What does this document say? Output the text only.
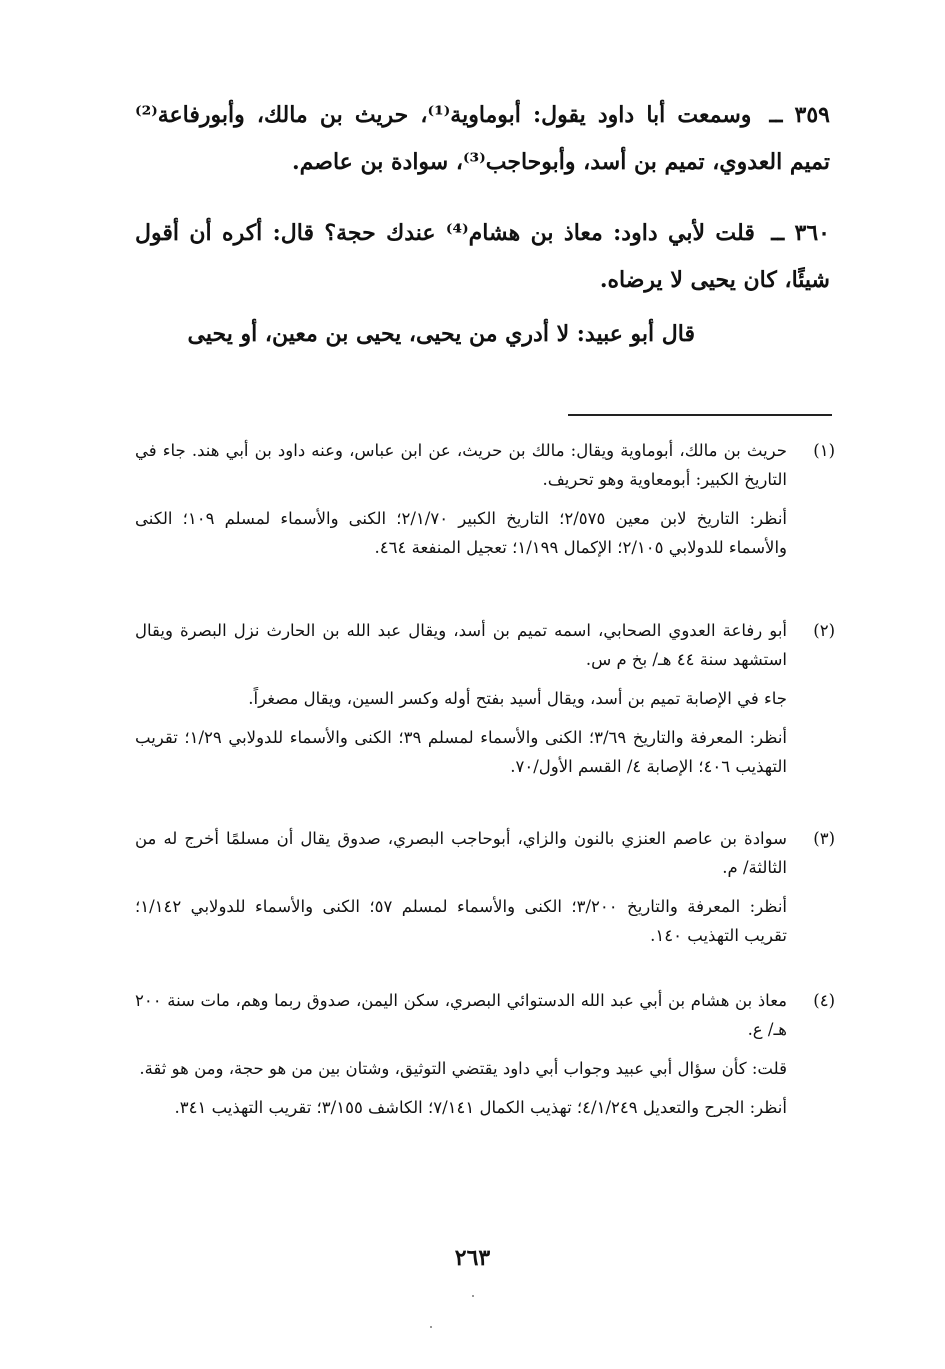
٣٥٩ ــ وسمعت أبا داود يقول: أبوماوية⁽¹⁾، حريث بن مالك، وأبورفاعة⁽²⁾ تميم العدوي، تميم بن أسد، وأبوحاجب⁽³⁾، سوادة بن عاصم.
٣٦٠ ــ قلت لأبي داود: معاذ بن هشام⁽⁴⁾ عندك حجة؟ قال: أكره أن أقول شيئًا، كان يحيى لا يرضاه.
قال أبو عبيد: لا أدري من يحيى، يحيى بن معين، أو يحيى
(١)

حريث بن مالك، أبوماوية ويقال: مالك بن حريث، عن ابن عباس، وعنه داود بن أبي هند. جاء في التاريخ الكبير: أبومعاوية وهو تحريف.

أنظر: التاريخ لابن معين ٢/٥٧٥؛ التاريخ الكبير ٢/١/٧٠؛ الكنى والأسماء لمسلم ١٠٩؛ الكنى والأسماء للدولابي ٢/١٠٥؛ الإكمال ١/١٩٩؛ تعجيل المنفعة ٤٦٤.

(٢)

أبو رفاعة العدوي الصحابي، اسمه تميم بن أسد، ويقال عبد الله بن الحارث نزل البصرة ويقال استشهد سنة ٤٤ هـ/ بخ م س.

جاء في الإصابة تميم بن أسد، ويقال أسيد بفتح أوله وكسر السين، ويقال مصغراً.

أنظر: المعرفة والتاريخ ٣/٦٩؛ الكنى والأسماء لمسلم ٣٩؛ الكنى والأسماء للدولابي ١/٢٩؛ تقريب التهذيب ٤٠٦؛ الإصابة ٤/ القسم الأول/٧٠.

(٣)

سوادة بن عاصم العنزي بالنون والزاي، أبوحاجب البصري، صدوق يقال أن مسلمًا أخرج له من الثالثة/ م.

أنظر: المعرفة والتاريخ ٣/٢٠٠؛ الكنى والأسماء لمسلم ٥٧؛ الكنى والأسماء للدولابي ١/١٤٢؛ تقريب التهذيب ١٤٠.

(٤)

معاذ بن هشام بن أبي عبد الله الدستوائي البصري، سكن اليمن، صدوق ربما وهم، مات سنة ٢٠٠ هـ/ ع.

قلت: كأن سؤال أبي عبيد وجواب أبي داود يقتضي التوثيق، وشتان بين من هو حجة، ومن هو ثقة.

أنظر: الجرح والتعديل ٤/١/٢٤٩؛ تهذيب الكمال ٧/١٤١؛ الكاشف ٣/١٥٥؛ تقريب التهذيب ٣٤١.

٢٦٣
